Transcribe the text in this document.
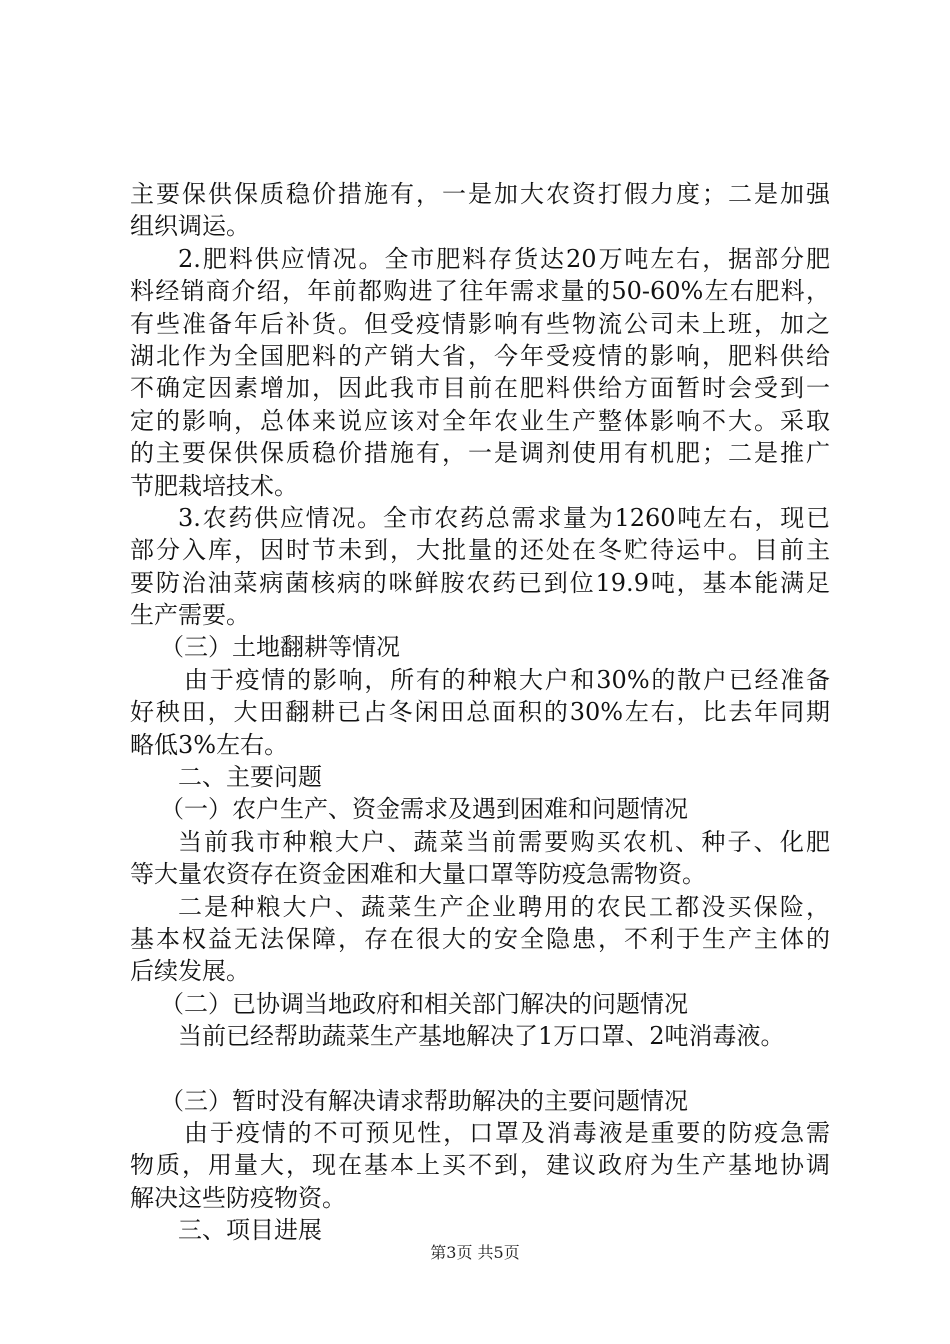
主要保供保质稳价措施有，一是加大农资打假力度；二是加强
组织调运。
2.肥料供应情况。全市肥料存货达20万吨左右，据部分肥
料经销商介绍，年前都购进了往年需求量的50-60%左右肥料，
有些准备年后补货。但受疫情影响有些物流公司未上班，加之
湖北作为全国肥料的产销大省，今年受疫情的影响，肥料供给
不确定因素增加，因此我市目前在肥料供给方面暂时会受到一
定的影响，总体来说应该对全年农业生产整体影响不大。采取
的主要保供保质稳价措施有，一是调剂使用有机肥；二是推广
节肥栽培技术。
3.农药供应情况。全市农药总需求量为1260吨左右，现已
部分入库，因时节未到，大批量的还处在冬贮待运中。目前主
要防治油菜病菌核病的咪鲜胺农药已到位19.9吨，基本能满足
生产需要。
（三）土地翻耕等情况
由于疫情的影响，所有的种粮大户和30%的散户已经准备
好秧田，大田翻耕已占冬闲田总面积的30%左右，比去年同期
略低3%左右。
二、主要问题
（一）农户生产、资金需求及遇到困难和问题情况
当前我市种粮大户、蔬菜当前需要购买农机、种子、化肥
等大量农资存在资金困难和大量口罩等防疫急需物资。
二是种粮大户、蔬菜生产企业聘用的农民工都没买保险，
基本权益无法保障，存在很大的安全隐患，不利于生产主体的
后续发展。
（二）已协调当地政府和相关部门解决的问题情况
当前已经帮助蔬菜生产基地解决了1万口罩、2吨消毒液。
（三）暂时没有解决请求帮助解决的主要问题情况
由于疫情的不可预见性，口罩及消毒液是重要的防疫急需
物质，用量大，现在基本上买不到，建议政府为生产基地协调
解决这些防疫物资。
三、项目进展
第3页 共5页
